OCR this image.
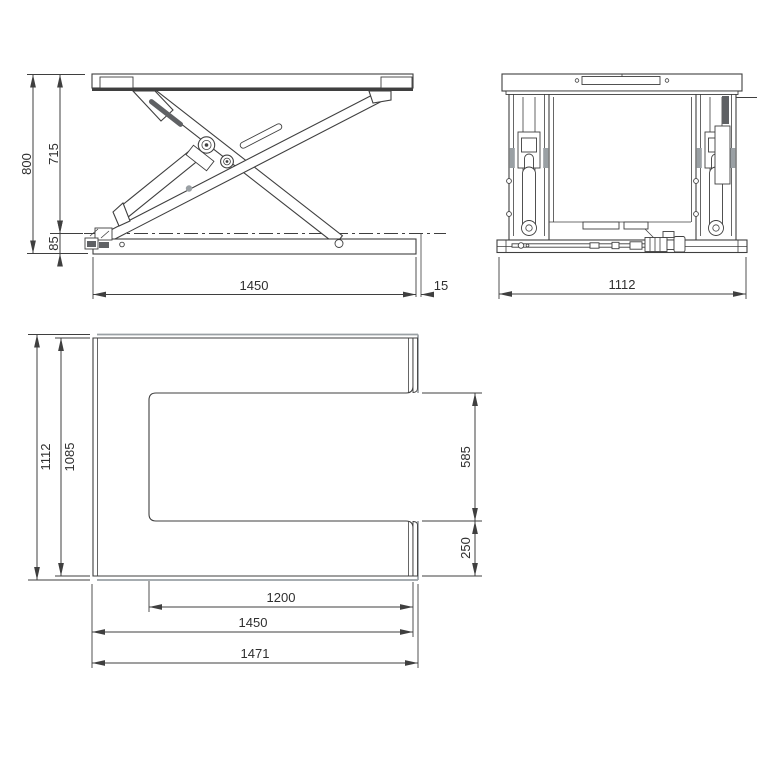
800 715
85
1450	15	1112
1112 1085	585
250
1200
1450
1471
